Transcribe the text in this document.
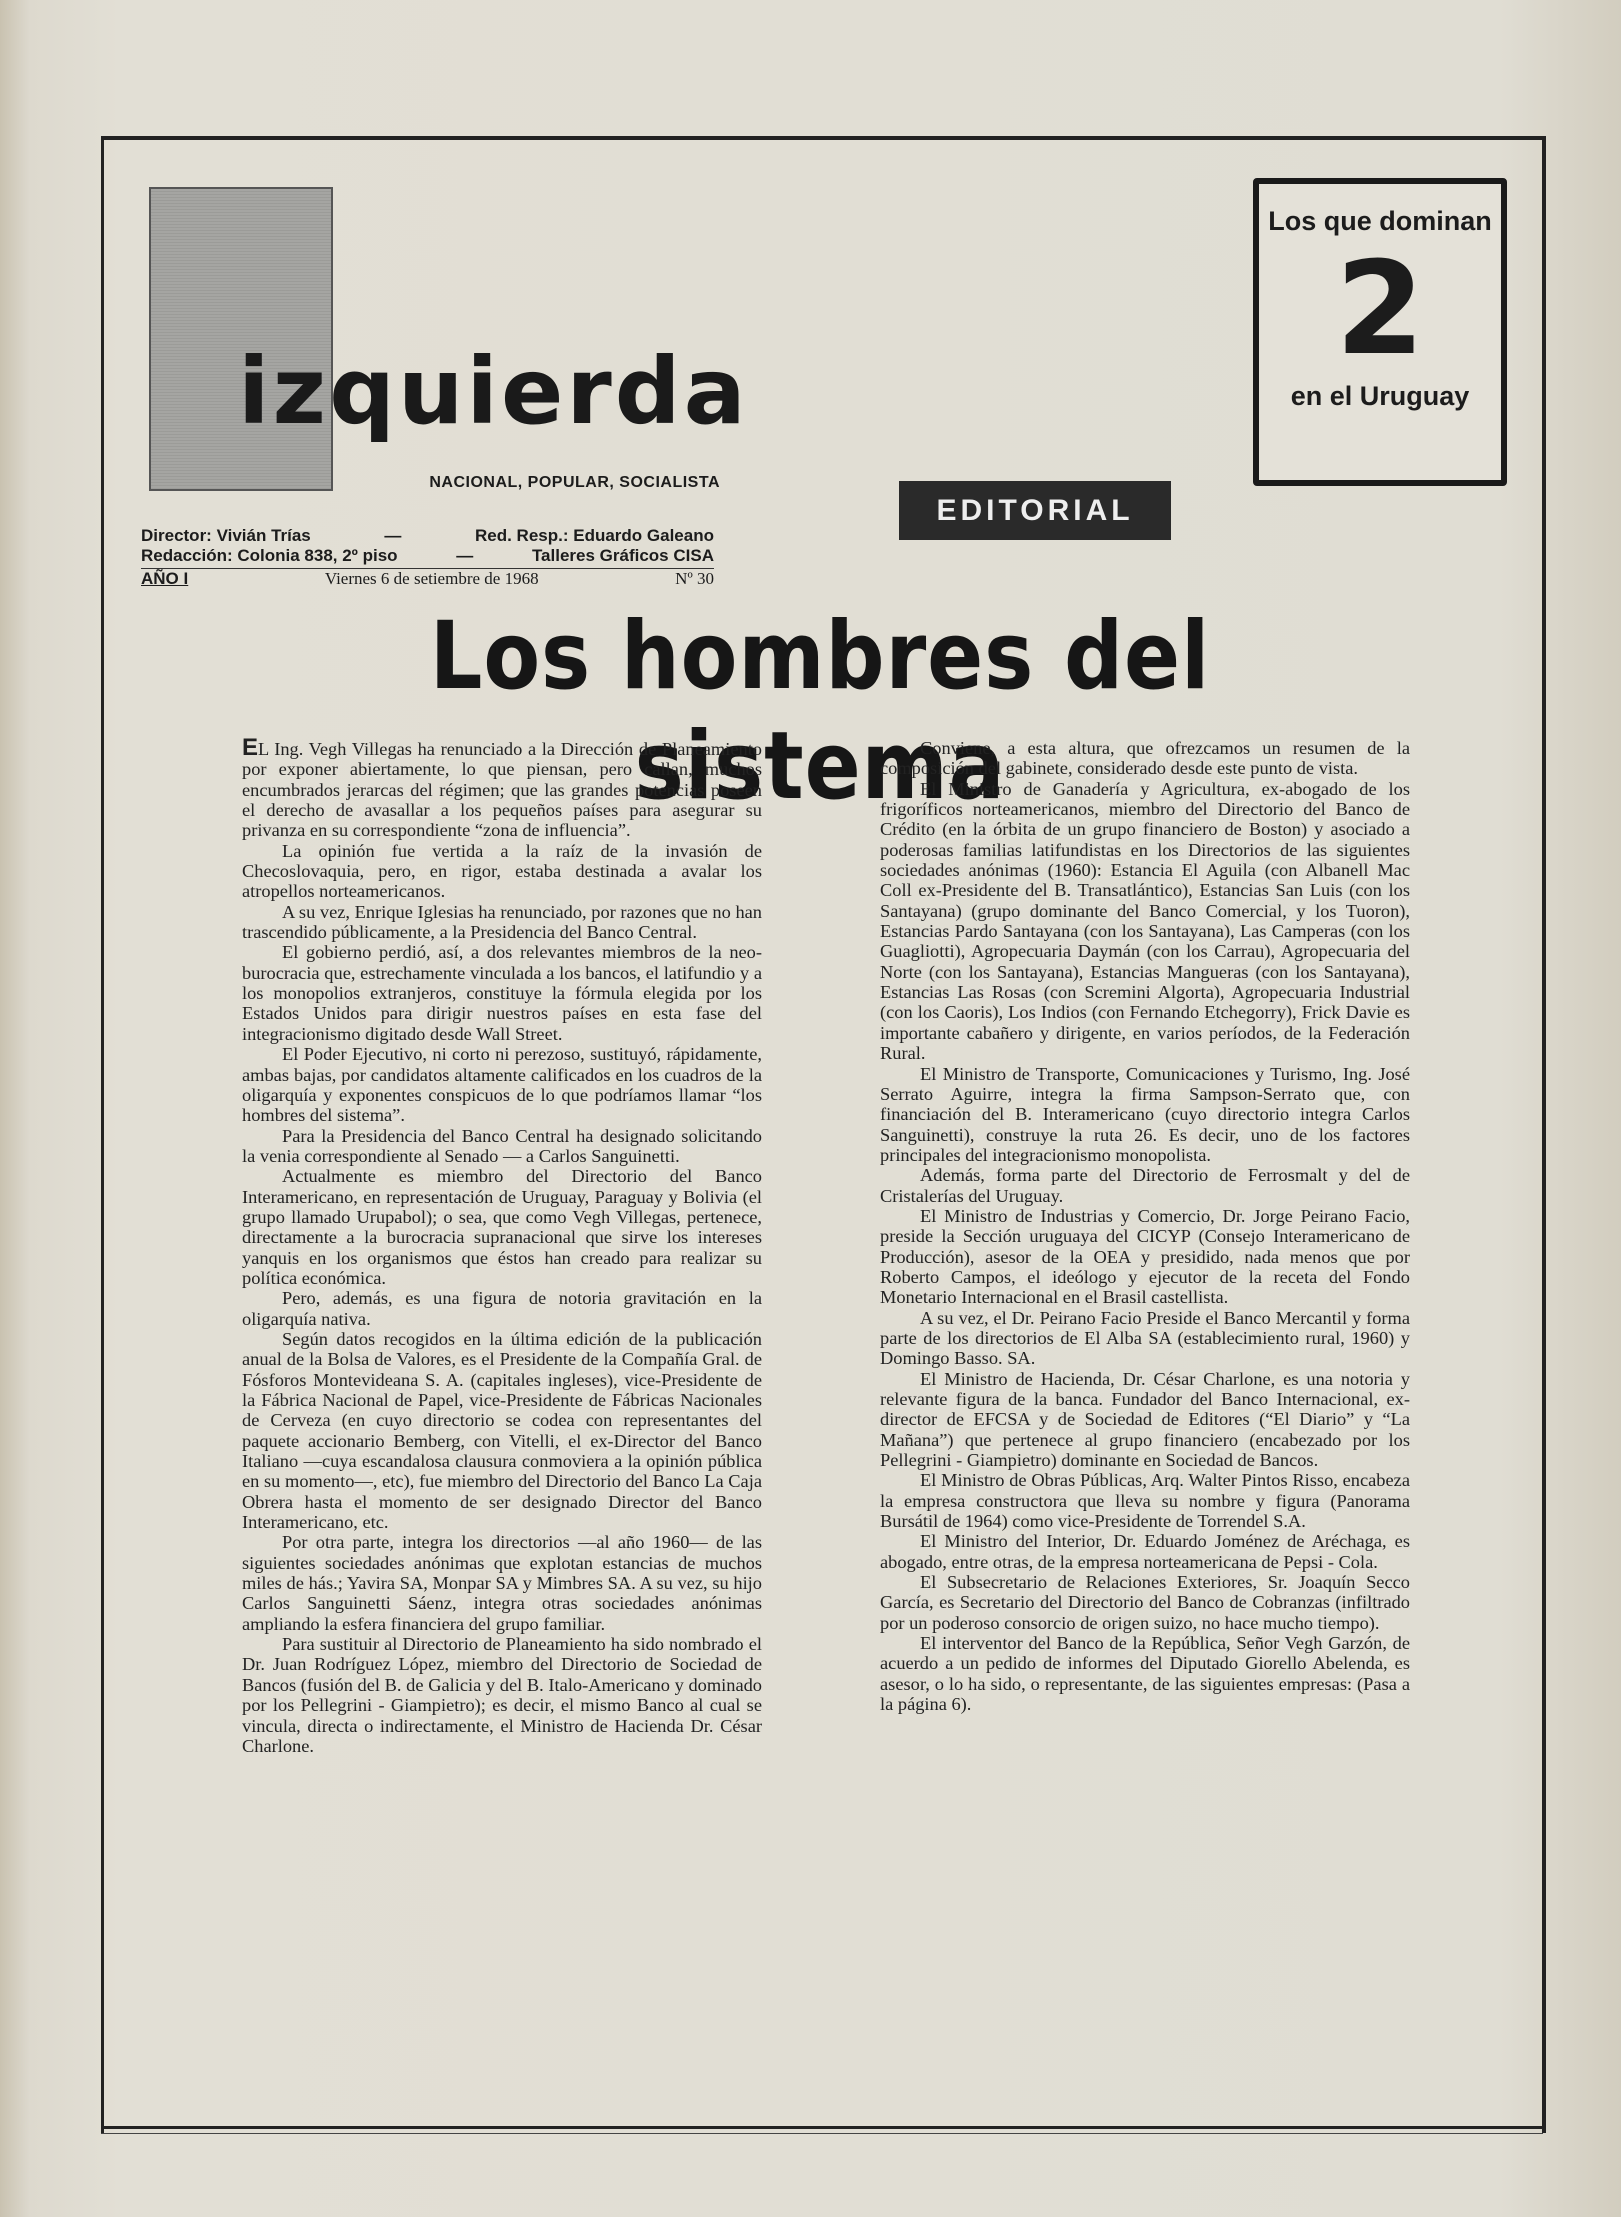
izquierda
NACIONAL, POPULAR, SOCIALISTA
Director: Vivián Trías	—	Red. Resp.: Eduardo Galeano
Redacción: Colonia 838, 2º piso	—	Talleres Gráficos CISA
AÑO I	Viernes 6 de setiembre de 1968	Nº 30
EDITORIAL
Los que dominan
2
en el Uruguay
Los hombres del sistema

EL Ing. Vegh Villegas ha renunciado a la Dirección de Planeamiento por exponer abiertamente, lo que piensan, pero callan, muchos encumbrados jerarcas del régimen; que las grandes potencias poseen el derecho de avasallar a los pequeños países para asegurar su privanza en su correspondiente “zona de influencia”.

La opinión fue vertida a la raíz de la invasión de Checoslovaquia, pero, en rigor, estaba destinada a avalar los atropellos norteamericanos.

A su vez, Enrique Iglesias ha renunciado, por razones que no han trascendido públicamente, a la Presidencia del Banco Central.

El gobierno perdió, así, a dos relevantes miembros de la neo-burocracia que, estrechamente vinculada a los bancos, el latifundio y a los monopolios extranjeros, constituye la fórmula elegida por los Estados Unidos para dirigir nuestros países en esta fase del integracionismo digitado desde Wall Street.

El Poder Ejecutivo, ni corto ni perezoso, sustituyó, rápidamente, ambas bajas, por candidatos altamente calificados en los cuadros de la oligarquía y exponentes conspicuos de lo que podríamos llamar “los hombres del sistema”.

Para la Presidencia del Banco Central ha designado solicitando la venia correspondiente al Senado — a Carlos Sanguinetti.

Actualmente es miembro del Directorio del Banco Interamericano, en representación de Uruguay, Paraguay y Bolivia (el grupo llamado Urupabol); o sea, que como Vegh Villegas, pertenece, directamente a la burocracia supranacional que sirve los intereses yanquis en los organismos que éstos han creado para realizar su política económica.

Pero, además, es una figura de notoria gravitación en la oligarquía nativa.

Según datos recogidos en la última edición de la publicación anual de la Bolsa de Valores, es el Presidente de la Compañía Gral. de Fósforos Montevideana S. A. (capitales ingleses), vice-Presidente de la Fábrica Nacional de Papel, vice-Presidente de Fábricas Nacionales de Cerveza (en cuyo directorio se codea con representantes del paquete accionario Bemberg, con Vitelli, el ex-Director del Banco Italiano —cuya escandalosa clausura conmoviera a la opinión pública en su momento—, etc), fue miembro del Directorio del Banco La Caja Obrera hasta el momento de ser designado Director del Banco Interamericano, etc.

Por otra parte, integra los directorios —al año 1960— de las siguientes sociedades anónimas que explotan estancias de muchos miles de hás.; Yavira SA, Monpar SA y Mimbres SA. A su vez, su hijo Carlos Sanguinetti Sáenz, integra otras sociedades anónimas ampliando la esfera financiera del grupo familiar.

Para sustituir al Directorio de Planeamiento ha sido nombrado el Dr. Juan Rodríguez López, miembro del Directorio de Sociedad de Bancos (fusión del B. de Galicia y del B. Italo-Americano y dominado por los Pellegrini - Giampietro); es decir, el mismo Banco al cual se vincula, directa o indirectamente, el Ministro de Hacienda Dr. César Charlone.

Conviene, a esta altura, que ofrezcamos un resumen de la composición del gabinete, considerado desde este punto de vista.

El Ministro de Ganadería y Agricultura, ex-abogado de los frigoríficos norteamericanos, miembro del Directorio del Banco de Crédito (en la órbita de un grupo financiero de Boston) y asociado a poderosas familias latifundistas en los Directorios de las siguientes sociedades anónimas (1960): Estancia El Aguila (con Albanell Mac Coll ex-Presidente del B. Transatlántico), Estancias San Luis (con los Santayana) (grupo dominante del Banco Comercial, y los Tuoron), Estancias Pardo Santayana (con los Santayana), Las Camperas (con los Guagliotti), Agropecuaria Daymán (con los Carrau), Agropecuaria del Norte (con los Santayana), Estancias Mangueras (con los Santayana), Estancias Las Rosas (con Scremini Algorta), Agropecuaria Industrial (con los Caoris), Los Indios (con Fernando Etchegorry), Frick Davie es importante cabañero y dirigente, en varios períodos, de la Federación Rural.

El Ministro de Transporte, Comunicaciones y Turismo, Ing. José Serrato Aguirre, integra la firma Sampson-Serrato que, con financiación del B. Interamericano (cuyo directorio integra Carlos Sanguinetti), construye la ruta 26. Es decir, uno de los factores principales del integracionismo monopolista.

Además, forma parte del Directorio de Ferrosmalt y del de Cristalerías del Uruguay.

El Ministro de Industrias y Comercio, Dr. Jorge Peirano Facio, preside la Sección uruguaya del CICYP (Consejo Interamericano de Producción), asesor de la OEA y presidido, nada menos que por Roberto Campos, el ideólogo y ejecutor de la receta del Fondo Monetario Internacional en el Brasil castellista.

A su vez, el Dr. Peirano Facio Preside el Banco Mercantil y forma parte de los directorios de El Alba SA (establecimiento rural, 1960) y Domingo Basso. SA.

El Ministro de Hacienda, Dr. César Charlone, es una notoria y relevante figura de la banca. Fundador del Banco Internacional, ex-director de EFCSA y de Sociedad de Editores (“El Diario” y “La Mañana”) que pertenece al grupo financiero (encabezado por los Pellegrini - Giampietro) dominante en Sociedad de Bancos.

El Ministro de Obras Públicas, Arq. Walter Pintos Risso, encabeza la empresa constructora que lleva su nombre y figura (Panorama Bursátil de 1964) como vice-Presidente de Torrendel S.A.

El Ministro del Interior, Dr. Eduardo Joménez de Aréchaga, es abogado, entre otras, de la empresa norteamericana de Pepsi - Cola.

El Subsecretario de Relaciones Exteriores, Sr. Joaquín Secco García, es Secretario del Directorio del Banco de Cobranzas (infiltrado por un poderoso consorcio de origen suizo, no hace mucho tiempo).

El interventor del Banco de la República, Señor Vegh Garzón, de acuerdo a un pedido de informes del Diputado Giorello Abelenda, es asesor, o lo ha sido, o representante, de las siguientes empresas: (Pasa a la página 6).
